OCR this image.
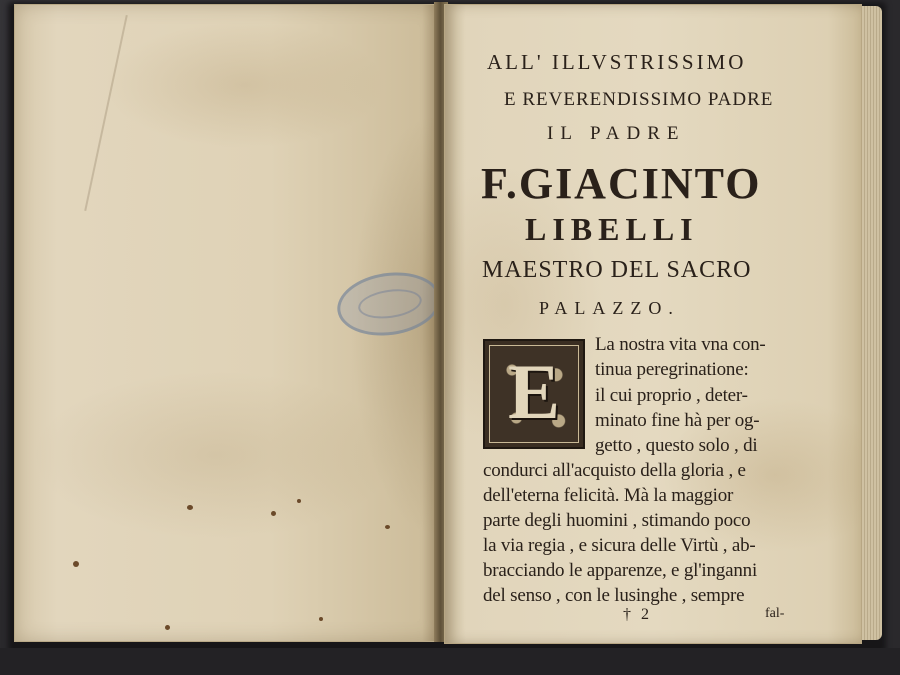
ALL' ILLVSTRISSIMO
E REVERENDISSIMO PADRE
IL PADRE
F.GIACINTO
LIBELLI
MAESTRO DEL SACRO
PALAZZO.
E
La nostra vita vna con-
tinua peregrinatione:
il cui proprio , deter-
minato fine hà per og-
getto , questo solo , di
condurci all'acquisto della gloria , e
dell'eterna felicità. Mà la maggior
parte degli huomini , stimando poco
la via regia , e sicura delle Virtù , ab-
bracciando le apparenze, e gl'inganni
del senso , con le lusinghe , sempre
† 2	fal-
